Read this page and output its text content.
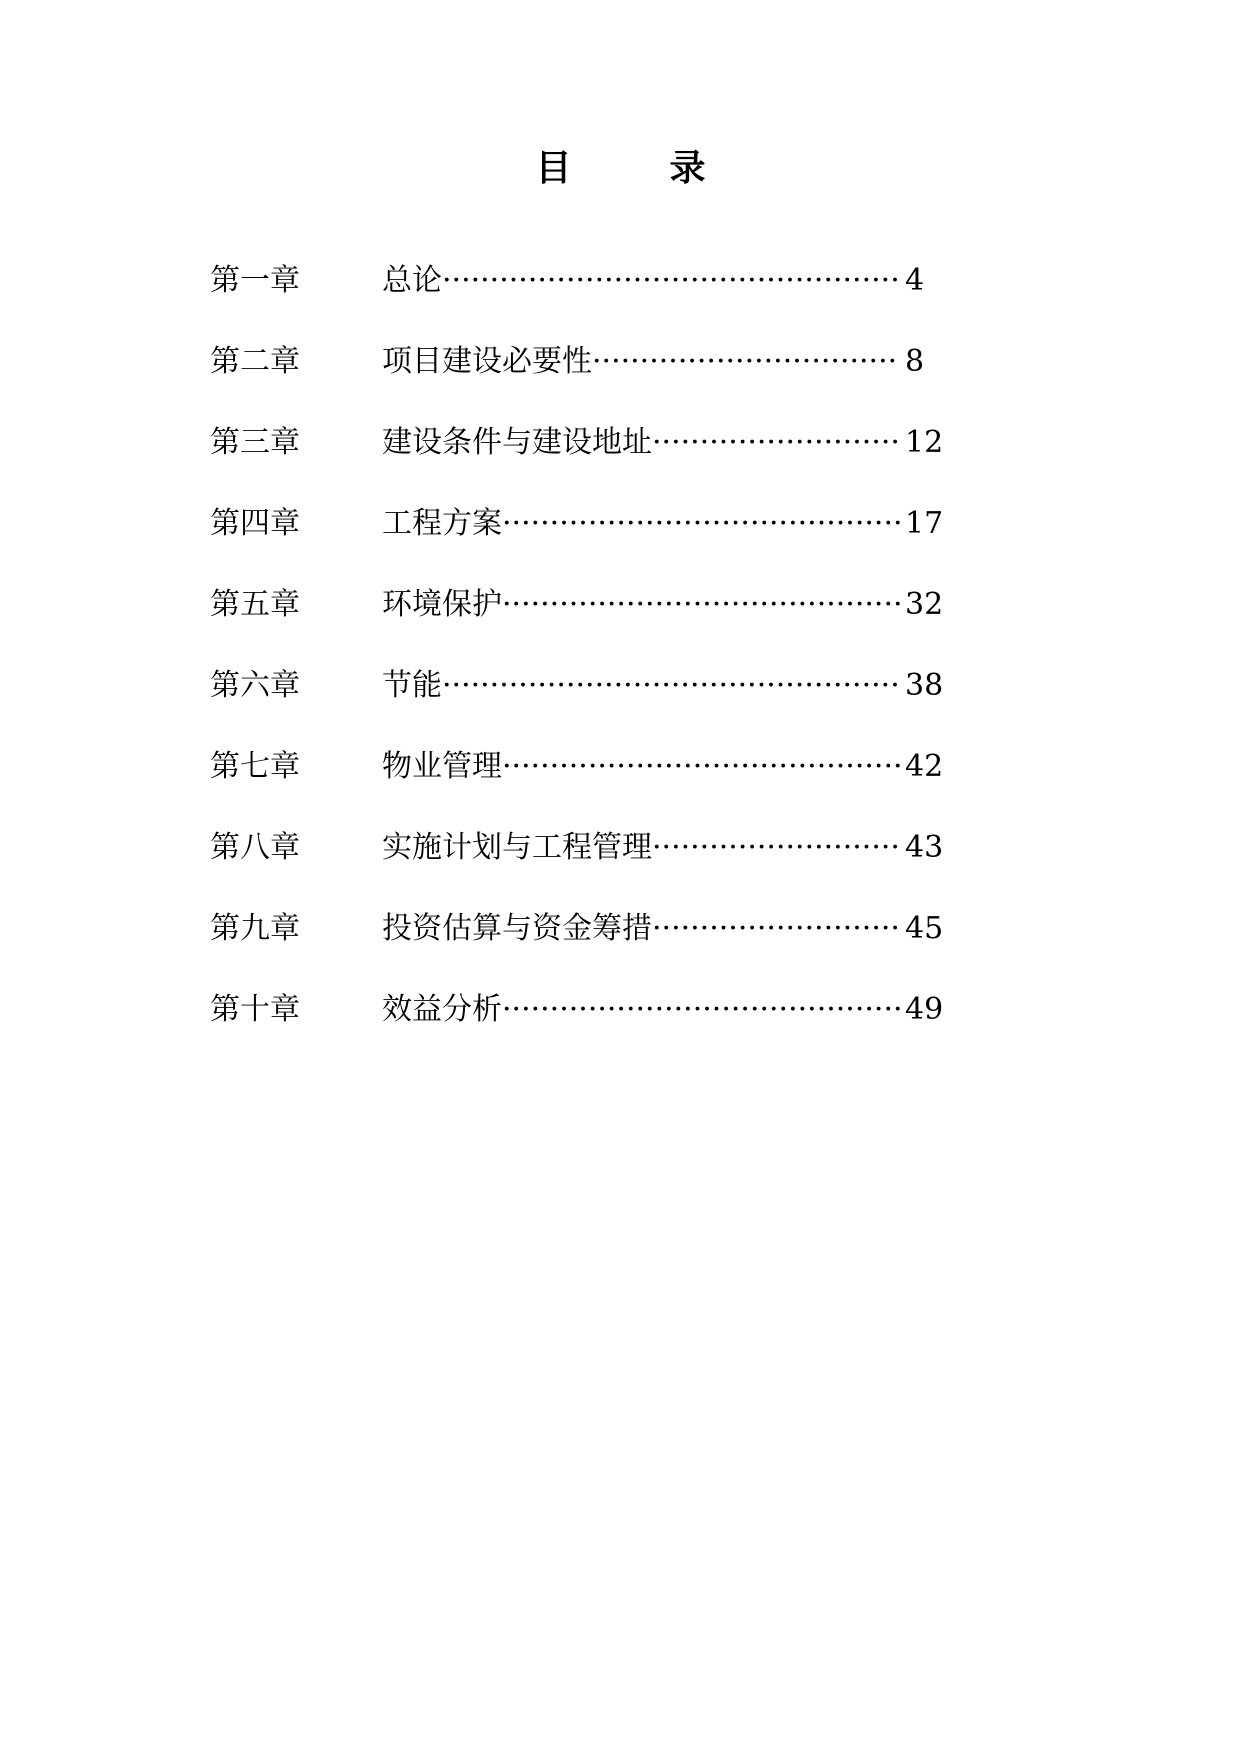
目	录
第一章	总论 ················································ 4
第二章	项目建设必要性 ································ 8
第三章	建设条件与建设地址 ·························· 12
第四章	工程方案 ·········································· 17
第五章	环境保护 ·········································· 32
第六章	节能 ················································ 38
第七章	物业管理 ·········································· 42
第八章	实施计划与工程管理 ·························· 43
第九章	投资估算与资金筹措 ·························· 45
第十章	效益分析 ·········································· 49
